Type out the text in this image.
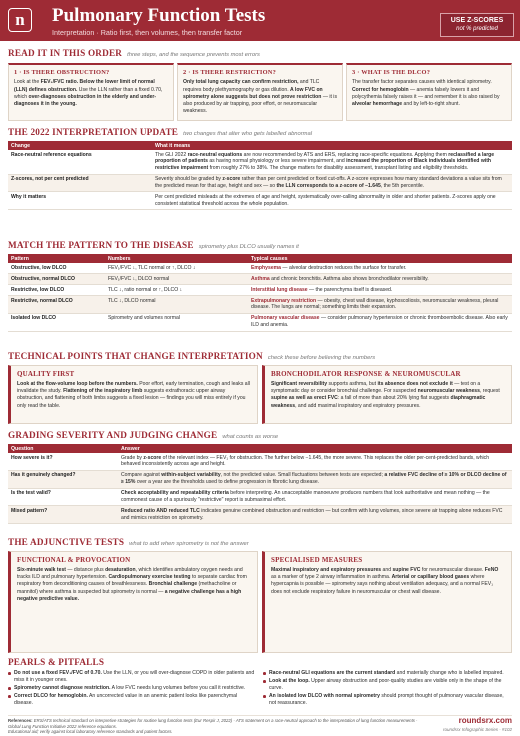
n Pulmonary Function Tests
Interpretation · Ratio first, then volumes, then transfer factor
USE Z-SCORES
not % predicted
READ IT IN THIS ORDER three steps, and the sequence prevents most errors
1 · IS THERE OBSTRUCTION?
Look at the FEV₁/FVC ratio. Below the lower limit of normal (LLN) defines obstruction. Use the LLN rather than a fixed 0.70, which over-diagnoses obstruction in the elderly and under-diagnoses it in the young.
2 · IS THERE RESTRICTION?
Only total lung capacity can confirm restriction, and TLC requires body plethysmography or gas dilution. A low FVC on spirometry alone suggests but does not prove restriction — it is also produced by air trapping, poor effort, or neuromuscular weakness.
3 · WHAT IS THE DLCO?
The transfer factor separates causes with identical spirometry. Correct for hemoglobin — anemia falsely lowers it and polycythemia falsely raises it — and remember it is also raised by alveolar hemorrhage and by left-to-right shunt.
THE 2022 INTERPRETATION UPDATE two changes that alter who gets labelled abnormal
Change	What it means
Race-neutral reference equations	The GLI 2022 race-neutral equations are now recommended by ATS and ERS, replacing race-specific equations. Applying them reclassified a large proportion of patients as having normal physiology or less severe impairment, and increased the proportion of Black individuals identified with restrictive impairment from roughly 27% to 38%. The change matters for disability assessment, transplant listing and eligibility thresholds.
Z-scores, not per cent predicted	Severity should be graded by z-score rather than per cent predicted or fixed cut-offs. A z-score expresses how many standard deviations a value sits from the predicted mean for that age, height and sex — so the LLN corresponds to a z-score of −1.645, the 5th percentile.
Why it matters	Per cent predicted misleads at the extremes of age and height, systematically over-calling abnormality in older and shorter patients. Z-scores apply one consistent statistical threshold across the whole population.
MATCH THE PATTERN TO THE DISEASE spirometry plus DLCO usually names it
Pattern	Numbers	Typical causes
Obstructive, low DLCO	FEV₁/FVC ↓, TLC normal or ↑, DLCO ↓	Emphysema — alveolar destruction reduces the surface for transfer.
Obstructive, normal DLCO	FEV₁/FVC ↓, DLCO normal	Asthma and chronic bronchitis. Asthma also shows bronchodilator reversibility.
Restrictive, low DLCO	TLC ↓, ratio normal or ↑, DLCO ↓	Interstitial lung disease — the parenchyma itself is diseased.
Restrictive, normal DLCO	TLC ↓, DLCO normal	Extrapulmonary restriction — obesity, chest wall disease, kyphoscoliosis, neuromuscular weakness, pleural disease. The lungs are normal; something limits their expansion.
Isolated low DLCO	Spirometry and volumes normal	Pulmonary vascular disease — consider pulmonary hypertension or chronic thromboembolic disease. Also early ILD and anemia.
TECHNICAL POINTS THAT CHANGE INTERPRETATION check these before believing the numbers
QUALITY FIRST
Look at the flow-volume loop before the numbers. Poor effort, early termination, cough and leaks all invalidate the study. Flattening of the inspiratory limb suggests extrathoracic upper airway obstruction, and flattening of both limbs suggests a fixed lesion — findings you will miss entirely if you only read the table.
BRONCHODILATOR RESPONSE & NEUROMUSCULAR
Significant reversibility supports asthma, but its absence does not exclude it — test on a symptomatic day or consider bronchial challenge. For suspected neuromuscular weakness, request supine as well as erect FVC: a fall of more than about 20% lying flat suggests diaphragmatic weakness, and add maximal inspiratory and expiratory pressures.
GRADING SEVERITY AND JUDGING CHANGE what counts as worse
Question	Answer
How severe is it?	Grade by z-score of the relevant index — FEV₁ for obstruction. The further below −1.645, the more severe. This replaces the older per-cent-predicted bands, which behaved inconsistently across age and height.
Has it genuinely changed?	Compare against within-subject variability, not the predicted value. Small fluctuations between tests are expected; a relative FVC decline of ≥ 10% or DLCO decline of ≥ 15% over a year are the thresholds used to define progression in fibrotic lung disease.
Is the test valid?	Check acceptability and repeatability criteria before interpreting. An unacceptable manoeuvre produces numbers that look authoritative and mean nothing — the commonest cause of a spuriously "restrictive" report is submaximal effort.
Mixed pattern?	Reduced ratio AND reduced TLC indicates genuine combined obstruction and restriction — but confirm with lung volumes, since severe air trapping alone reduces FVC and mimics restriction on spirometry.
THE ADJUNCTIVE TESTS what to add when spirometry is not the answer
FUNCTIONAL & PROVOCATION
Six-minute walk test — distance plus desaturation, which identifies ambulatory oxygen needs and tracks ILD and pulmonary hypertension. Cardiopulmonary exercise testing to separate cardiac from respiratory from deconditioning causes of breathlessness. Bronchial challenge (methacholine or mannitol) where asthma is suspected but spirometry is normal — a negative challenge has a high negative predictive value.
SPECIALISED MEASURES
Maximal inspiratory and expiratory pressures and supine FVC for neuromuscular disease. FeNO as a marker of type 2 airway inflammation in asthma. Arterial or capillary blood gases where hypercapnia is possible — spirometry says nothing about ventilation adequacy, and a normal FEV₁ does not exclude respiratory failure in neuromuscular or chest wall disease.
PEARLS & PITFALLS
Do not use a fixed FEV₁/FVC of 0.70. Use the LLN, or you will over-diagnose COPD in older patients and miss it in younger ones.
Spirometry cannot diagnose restriction. A low FVC needs lung volumes before you call it restrictive.
Correct DLCO for hemoglobin. An uncorrected value in an anemic patient looks like parenchymal disease.
Race-neutral GLI equations are the current standard and materially change who is labelled impaired.
Look at the loop. Upper airway obstruction and poor-quality studies are visible only in the shape of the curve.
An isolated low DLCO with normal spirometry should prompt thought of pulmonary vascular disease, not reassurance.
References: ERS/ATS technical standard on interpretive strategies for routine lung function tests (Eur Respir J, 2022) · ATS statement on a race-neutral approach to the interpretation of lung function measurements · Global Lung Function Initiative 2022 reference equations.
Educational aid; verify against local laboratory reference standards and patient factors.
roundsrx.com
roundsrx Infographic Series · #102
